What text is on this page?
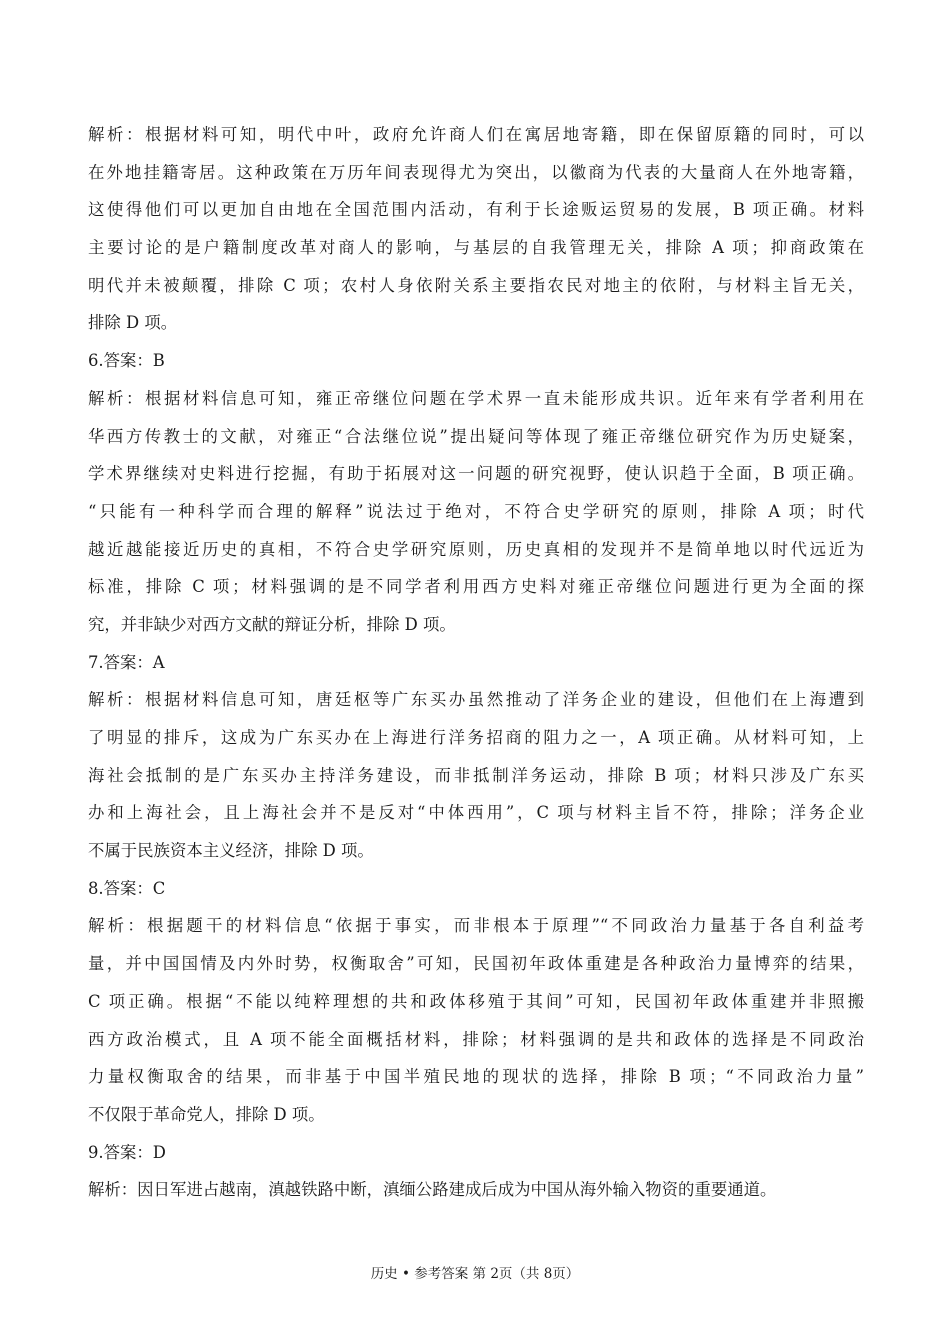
解析：根据材料可知，明代中叶，政府允许商人们在寓居地寄籍，即在保留原籍的同时，可以
在外地挂籍寄居。这种政策在万历年间表现得尤为突出，以徽商为代表的大量商人在外地寄籍，
这使得他们可以更加自由地在全国范围内活动，有利于长途贩运贸易的发展，B 项正确。材料
主要讨论的是户籍制度改革对商人的影响，与基层的自我管理无关，排除 A 项；抑商政策在
明代并未被颠覆，排除 C 项；农村人身依附关系主要指农民对地主的依附，与材料主旨无关，
排除 D 项。
6.答案：B
解析：根据材料信息可知，雍正帝继位问题在学术界一直未能形成共识。近年来有学者利用在
华西方传教士的文献，对雍正“合法继位说”提出疑问等体现了雍正帝继位研究作为历史疑案，
学术界继续对史料进行挖掘，有助于拓展对这一问题的研究视野，使认识趋于全面，B 项正确。
“只能有一种科学而合理的解释”说法过于绝对，不符合史学研究的原则，排除 A 项；时代
越近越能接近历史的真相，不符合史学研究原则，历史真相的发现并不是简单地以时代远近为
标准，排除 C 项；材料强调的是不同学者利用西方史料对雍正帝继位问题进行更为全面的探
究，并非缺少对西方文献的辩证分析，排除 D 项。
7.答案：A
解析：根据材料信息可知，唐廷枢等广东买办虽然推动了洋务企业的建设，但他们在上海遭到
了明显的排斥，这成为广东买办在上海进行洋务招商的阻力之一，A 项正确。从材料可知，上
海社会抵制的是广东买办主持洋务建设，而非抵制洋务运动，排除 B 项；材料只涉及广东买
办和上海社会，且上海社会并不是反对“中体西用”，C 项与材料主旨不符，排除；洋务企业
不属于民族资本主义经济，排除 D 项。
8.答案：C
解析：根据题干的材料信息“依据于事实，而非根本于原理”“不同政治力量基于各自利益考
量，并中国国情及内外时势，权衡取舍”可知，民国初年政体重建是各种政治力量博弈的结果，
C 项正确。根据“不能以纯粹理想的共和政体移殖于其间”可知，民国初年政体重建并非照搬
西方政治模式，且 A 项不能全面概括材料，排除；材料强调的是共和政体的选择是不同政治
力量权衡取舍的结果，而非基于中国半殖民地的现状的选择，排除 B 项；“不同政治力量”
不仅限于革命党人，排除 D 项。
9.答案：D
解析：因日军进占越南，滇越铁路中断，滇缅公路建成后成为中国从海外输入物资的重要通道。
历史 • 参考答案 第 2页（共 8页）
